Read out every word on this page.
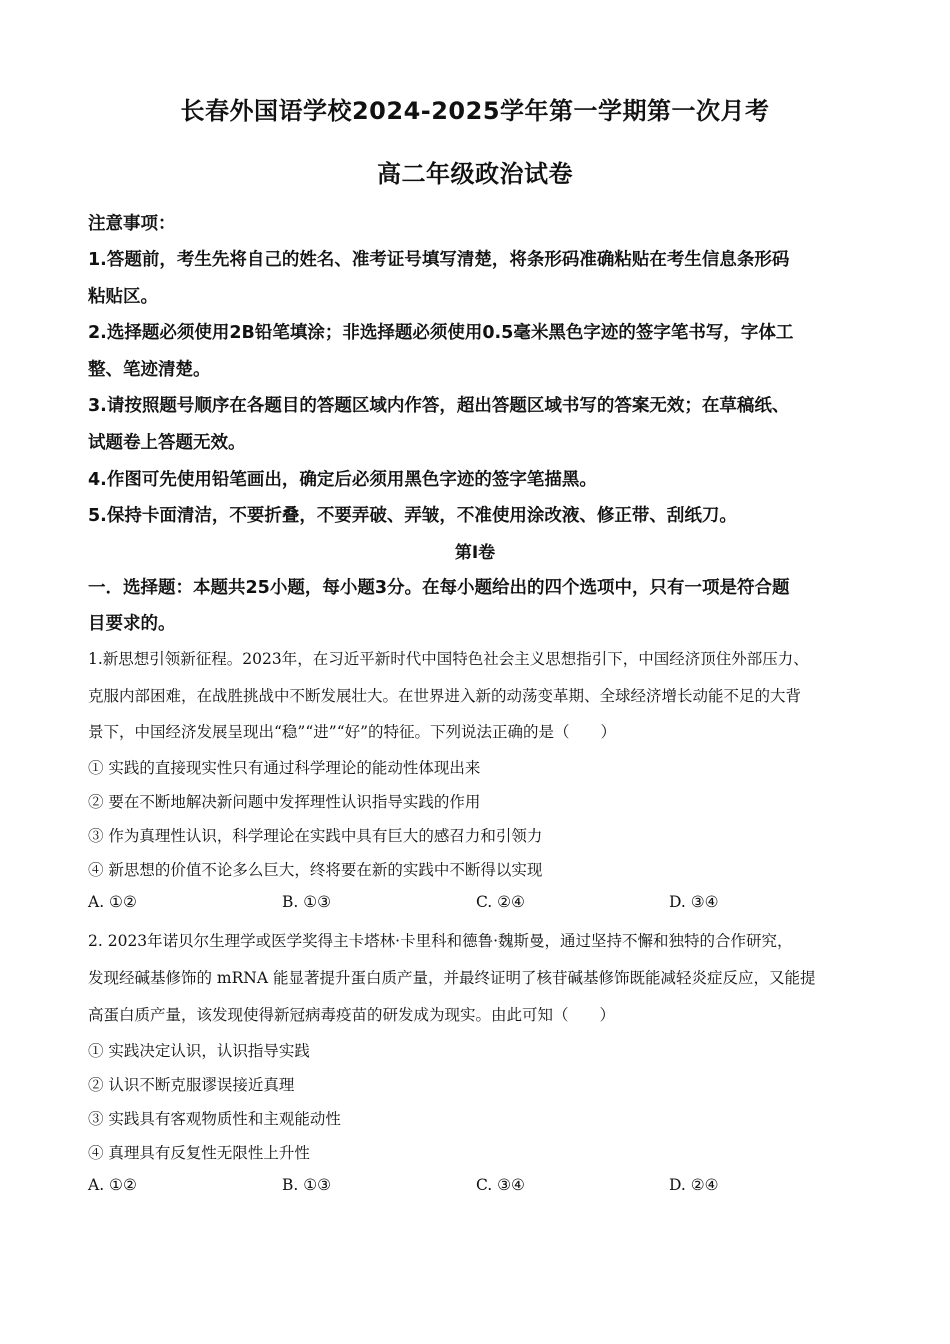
长春外国语学校2024-2025学年第一学期第一次月考
高二年级政治试卷
注意事项：
1.答题前，考生先将自己的姓名、准考证号填写清楚，将条形码准确粘贴在考生信息条形码
粘贴区。
2.选择题必须使用2B铅笔填涂；非选择题必须使用0.5毫米黑色字迹的签字笔书写，字体工
整、笔迹清楚。
3.请按照题号顺序在各题目的答题区域内作答，超出答题区域书写的答案无效；在草稿纸、
试题卷上答题无效。
4.作图可先使用铅笔画出，确定后必须用黑色字迹的签字笔描黑。
5.保持卡面清洁，不要折叠，不要弄破、弄皱，不准使用涂改液、修正带、刮纸刀。
第Ⅰ卷
一．选择题：本题共25小题，每小题3分。在每小题给出的四个选项中，只有一项是符合题
目要求的。
1.新思想引领新征程。2023年，在习近平新时代中国特色社会主义思想指引下，中国经济顶住外部压力、
克服内部困难，在战胜挑战中不断发展壮大。在世界进入新的动荡变革期、全球经济增长动能不足的大背
景下，中国经济发展呈现出“稳”“进”“好”的特征。下列说法正确的是（　　）
① 实践的直接现实性只有通过科学理论的能动性体现出来
② 要在不断地解决新问题中发挥理性认识指导实践的作用
③ 作为真理性认识，科学理论在实践中具有巨大的感召力和引领力
④ 新思想的价值不论多么巨大，终将要在新的实践中不断得以实现
A. ①②	B. ①③	C. ②④	D. ③④
2. 2023年诺贝尔生理学或医学奖得主卡塔林·卡里科和德鲁·魏斯曼，通过坚持不懈和独特的合作研究，
发现经碱基修饰的 mRNA 能显著提升蛋白质产量，并最终证明了核苷碱基修饰既能减轻炎症反应，又能提
高蛋白质产量，该发现使得新冠病毒疫苗的研发成为现实。由此可知（　　）
① 实践决定认识，认识指导实践
② 认识不断克服谬误接近真理
③ 实践具有客观物质性和主观能动性
④ 真理具有反复性无限性上升性
A. ①②	B. ①③	C. ③④	D. ②④
